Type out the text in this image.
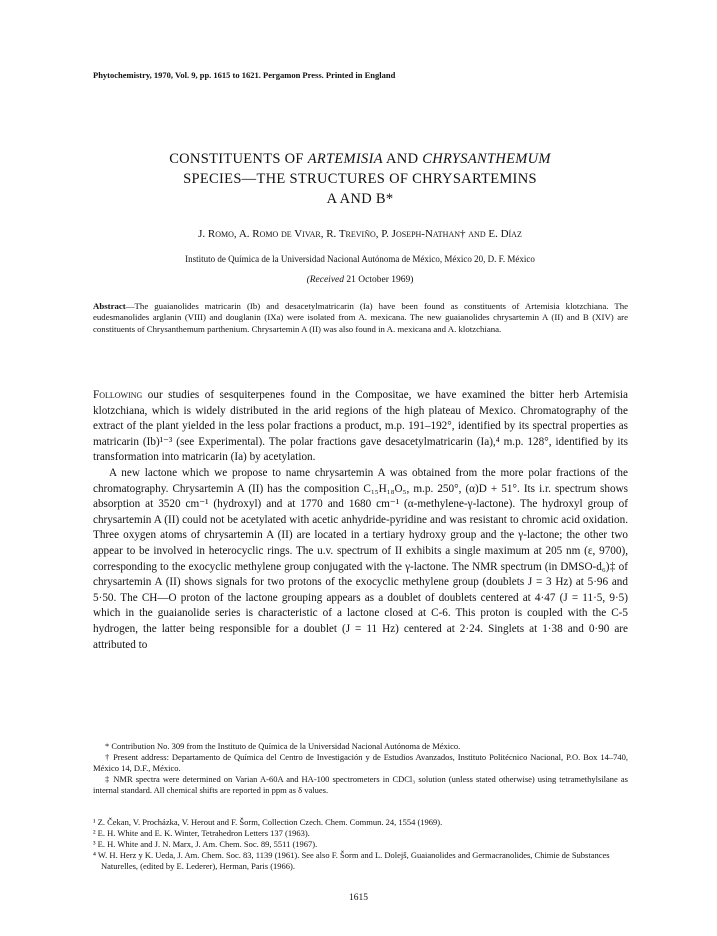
Phytochemistry, 1970, Vol. 9, pp. 1615 to 1621. Pergamon Press. Printed in England
CONSTITUENTS OF ARTEMISIA AND CHRYSANTHEMUM
SPECIES—THE STRUCTURES OF CHRYSARTEMINS
A AND B*
J. Romo, A. Romo de Vivar, R. Treviño, P. Joseph-Nathan† and E. Díaz
Instituto de Química de la Universidad Nacional Autónoma de México, México 20, D. F. México
(Received 21 October 1969)
Abstract—The guaianolides matricarin (Ib) and desacetylmatricarin (Ia) have been found as constituents of Artemisia klotzchiana. The eudesmanolides arglanin (VIII) and douglanin (IXa) were isolated from A. mexicana. The new guaianolides chrysartemin A (II) and B (XIV) are constituents of Chrysanthemum parthenium. Chrysartemin A (II) was also found in A. mexicana and A. klotzchiana.

Following our studies of sesquiterpenes found in the Compositae, we have examined the bitter herb Artemisia klotzchiana, which is widely distributed in the arid regions of the high plateau of Mexico. Chromatography of the extract of the plant yielded in the less polar fractions a product, m.p. 191–192°, identified by its spectral properties as matricarin (Ib)¹⁻³ (see Experimental). The polar fractions gave desacetylmatricarin (Ia),⁴ m.p. 128°, identified by its transformation into matricarin (Ia) by acetylation.

A new lactone which we propose to name chrysartemin A was obtained from the more polar fractions of the chromatography. Chrysartemin A (II) has the composition C₁₅H₁₈O₅, m.p. 250°, (α)D + 51°. Its i.r. spectrum shows absorption at 3520 cm⁻¹ (hydroxyl) and at 1770 and 1680 cm⁻¹ (α-methylene-γ-lactone). The hydroxyl group of chrysartemin A (II) could not be acetylated with acetic anhydride-pyridine and was resistant to chromic acid oxidation. Three oxygen atoms of chrysartemin A (II) are located in a tertiary hydroxy group and the γ-lactone; the other two appear to be involved in heterocyclic rings. The u.v. spectrum of II exhibits a single maximum at 205 nm (ε, 9700), corresponding to the exocyclic methylene group conjugated with the γ-lactone. The NMR spectrum (in DMSO-d₆)‡ of chrysartemin A (II) shows signals for two protons of the exocyclic methylene group (doublets J = 3 Hz) at 5·96 and 5·50. The CH—O proton of the lactone grouping appears as a doublet of doublets centered at 4·47 (J = 11·5, 9·5) which in the guaianolide series is characteristic of a lactone closed at C-6. This proton is coupled with the C-5 hydrogen, the latter being responsible for a doublet (J = 11 Hz) centered at 2·24. Singlets at 1·38 and 0·90 are attributed to

* Contribution No. 309 from the Instituto de Química de la Universidad Nacional Autónoma de México.

† Present address: Departamento de Química del Centro de Investigación y de Estudios Avanzados, Instituto Politécnico Nacional, P.O. Box 14–740, México 14, D.F., México.

‡ NMR spectra were determined on Varian A-60A and HA-100 spectrometers in CDCl₃ solution (unless stated otherwise) using tetramethylsilane as internal standard. All chemical shifts are reported in ppm as δ values.

¹ Z. Čekan, V. Procházka, V. Herout and F. Šorm, Collection Czech. Chem. Commun. 24, 1554 (1969).

² E. H. White and E. K. Winter, Tetrahedron Letters 137 (1963).

³ E. H. White and J. N. Marx, J. Am. Chem. Soc. 89, 5511 (1967).

⁴ W. H. Herz y K. Ueda, J. Am. Chem. Soc. 83, 1139 (1961). See also F. Šorm and L. Dolejš, Guaianolides and Germacranolides, Chimie de Substances Naturelles, (edited by E. Lederer), Herman, Paris (1966).

1615
